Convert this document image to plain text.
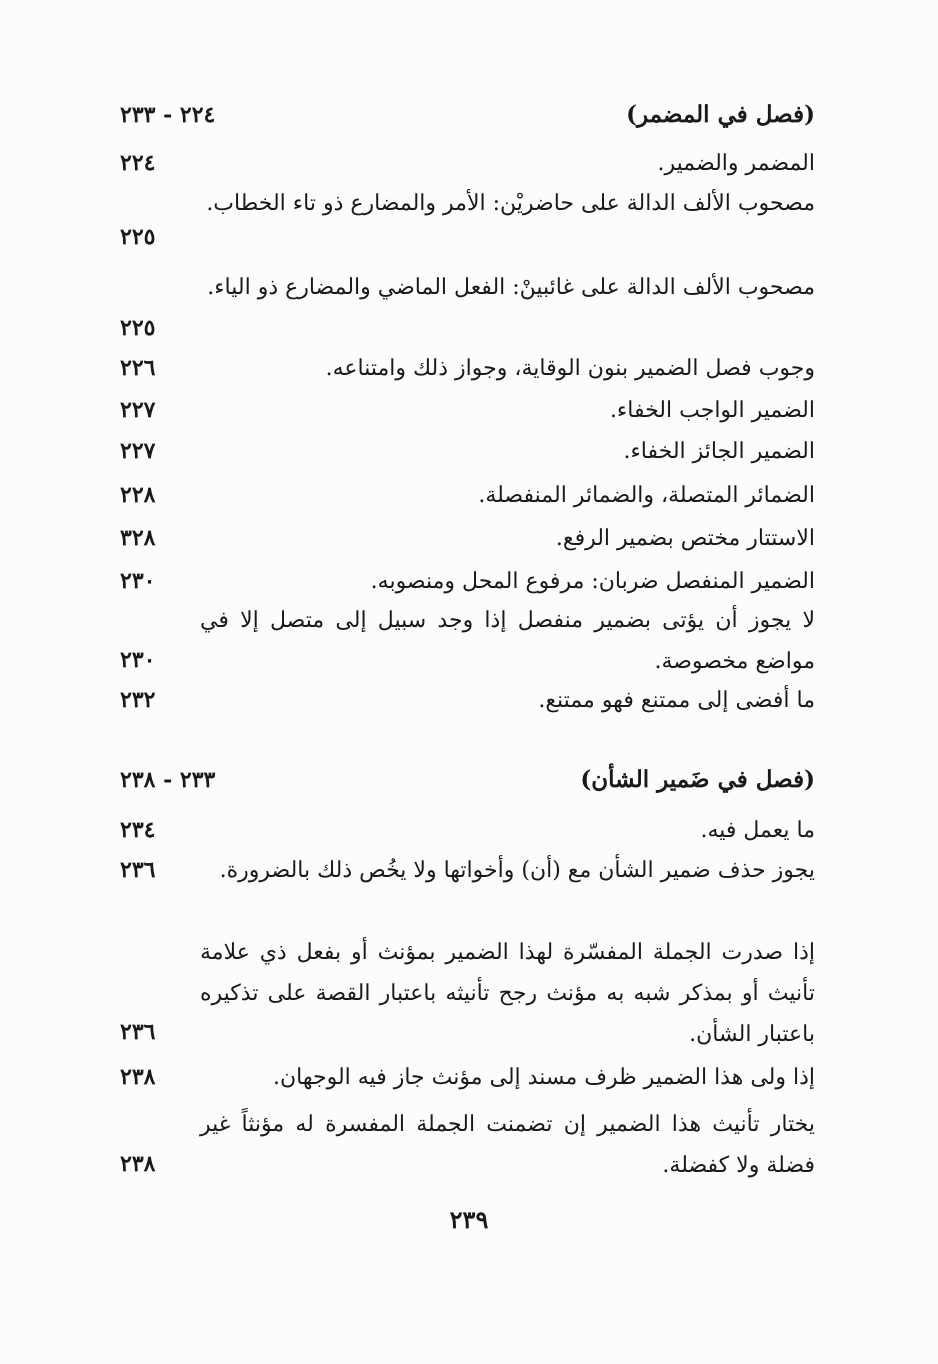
(فصل في المضمر)
٢٢٤ - ٢٣٣
المضمر والضمير.
٢٢٤
مصحوب الألف الدالة على حاضريْن: الأمر والمضارع ذو تاء الخطاب.
٢٢٥
مصحوب الألف الدالة على غائبينْ: الفعل الماضي والمضارع ذو الياء.
٢٢٥
وجوب فصل الضمير بنون الوقاية، وجواز ذلك وامتناعه.
٢٢٦
الضمير الواجب الخفاء.
٢٢٧
الضمير الجائز الخفاء.
٢٢٧
الضمائر المتصلة، والضمائر المنفصلة.
٢٢٨
الاستتار مختص بضمير الرفع.
٣٢٨
الضمير المنفصل ضربان: مرفوع المحل ومنصوبه.
٢٣٠
لا يجوز أن يؤتى بضمير منفصل إذا وجد سبيل إلى متصل إلا في مواضع مخصوصة.
٢٣٠
ما أفضى إلى ممتنع فهو ممتنع.
٢٣٢
(فصل في ضَمير الشأن)
٢٣٣ - ٢٣٨
ما يعمل فيه.
٢٣٤
يجوز حذف ضمير الشأن مع (أن) وأخواتها ولا يخُص ذلك بالضرورة.
٢٣٦
إذا صدرت الجملة المفسّرة لهذا الضمير بمؤنث أو بفعل ذي علامة تأنيث أو بمذكر شبه به مؤنث رجح تأنيثه باعتبار القصة على تذكيره باعتبار الشأن.
٢٣٦
إذا ولى هذا الضمير ظرف مسند إلى مؤنث جاز فيه الوجهان.
٢٣٨
يختار تأنيث هذا الضمير إن تضمنت الجملة المفسرة له مؤنثاً غير فضلة ولا كفضلة.
٢٣٨
٢٣٩
